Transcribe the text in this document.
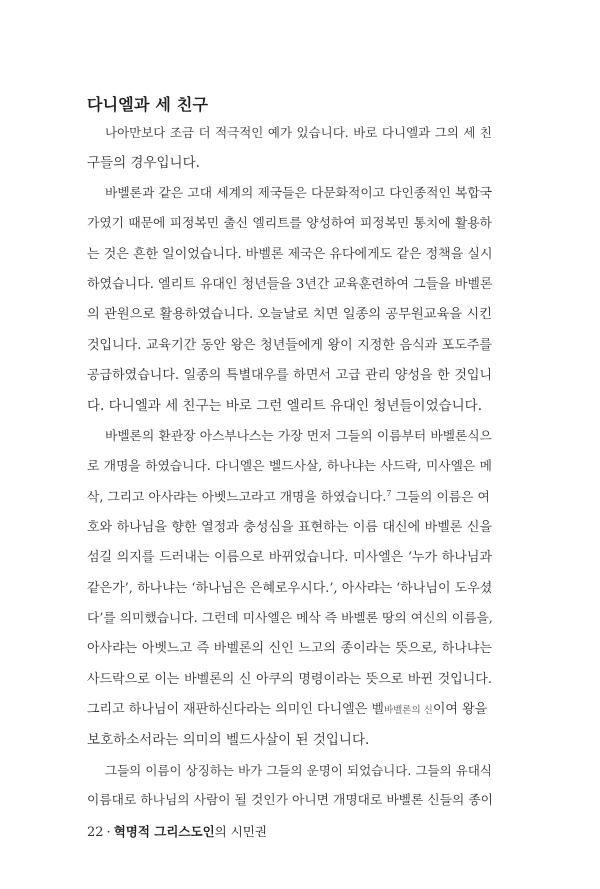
다니엘과 세 친구
나아만보다 조금 더 적극적인 예가 있습니다. 바로 다니엘과 그의 세 친
구들의 경우입니다.
바벨론과 같은 고대 세계의 제국들은 다문화적이고 다인종적인 복합국
가였기 때문에 피정복민 출신 엘리트를 양성하여 피정복민 통치에 활용하
는 것은 흔한 일이었습니다. 바벨론 제국은 유다에게도 같은 정책을 실시
하였습니다. 엘리트 유대인 청년들을 3년간 교육훈련하여 그들을 바벨론
의 관원으로 활용하였습니다. 오늘날로 치면 일종의 공무원교육을 시킨
것입니다. 교육기간 동안 왕은 청년들에게 왕이 지정한 음식과 포도주를
공급하였습니다. 일종의 특별대우를 하면서 고급 관리 양성을 한 것입니
다. 다니엘과 세 친구는 바로 그런 엘리트 유대인 청년들이었습니다.
바벨론의 환관장 아스부나스는 가장 먼저 그들의 이름부터 바벨론식으
로 개명을 하였습니다. 다니엘은 벨드사살, 하나냐는 사드락, 미사엘은 메
삭, 그리고 아사랴는 아벳느고라고 개명을 하였습니다.$^7$ 그들의 이름은 여
호와 하나님을 향한 열정과 충성심을 표현하는 이름 대신에 바벨론 신을
섬길 의지를 드러내는 이름으로 바뀌었습니다. 미사엘은 ‘누가 하나님과
같은가’, 하나냐는 ‘하나님은 은혜로우시다.’, 아사랴는 ‘하나님이 도우셨
다’를 의미했습니다. 그런데 미사엘은 메삭 즉 바벨론 땅의 여신의 이름을,
아사랴는 아벳느고 즉 바벨론의 신인 느고의 종이라는 뜻으로, 하나냐는
사드락으로 이는 바벨론의 신 아쿠의 명령이라는 뜻으로 바뀐 것입니다.
그리고 하나님이 재판하신다라는 의미인 다니엘은 벨바벨론의 신이여 왕을
보호하소서라는 의미의 벨드사살이 된 것입니다.
그들의 이름이 상징하는 바가 그들의 운명이 되었습니다. 그들의 유대식
이름대로 하나님의 사람이 될 것인가 아니면 개명대로 바벨론 신들의 종이
22 · 혁명적 그리스도인의 시민권
